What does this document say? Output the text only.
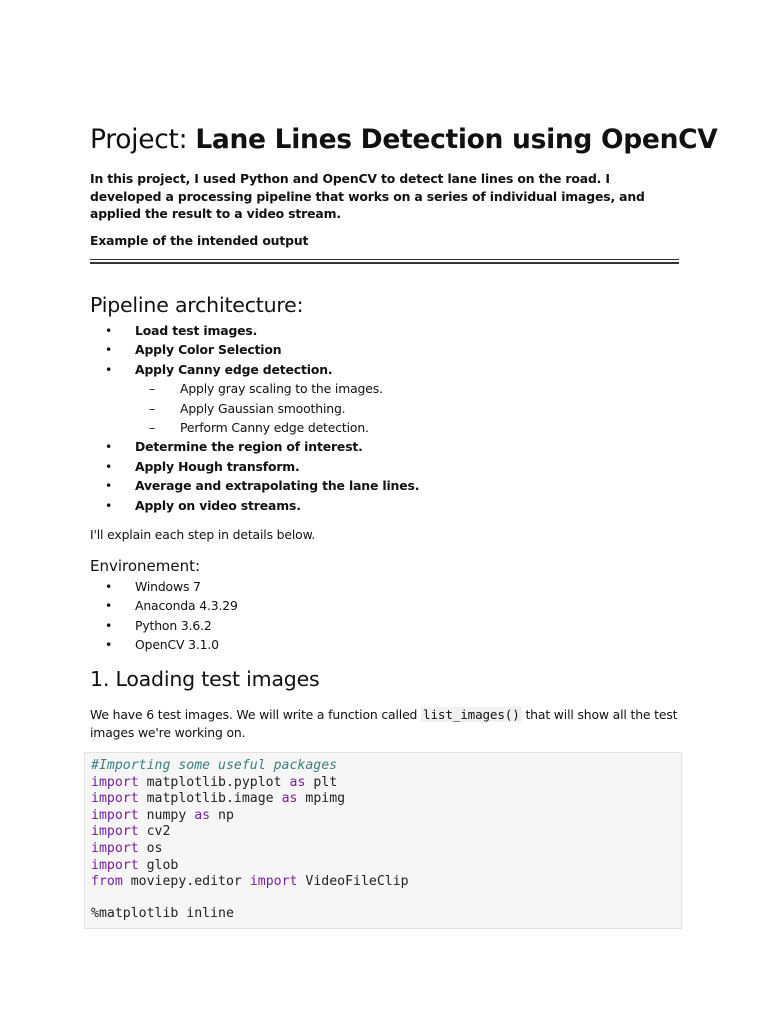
Project: Lane Lines Detection using OpenCV

In this project, I used Python and OpenCV to detect lane lines on the road. I developed a processing pipeline that works on a series of individual images, and applied the result to a video stream.

Example of the intended output

Pipeline architecture:
• Load test images.
• Apply Color Selection
• Apply Canny edge detection.
– Apply gray scaling to the images.
– Apply Gaussian smoothing.
– Perform Canny edge detection.
• Determine the region of interest.
• Apply Hough transform.
• Average and extrapolating the lane lines.
• Apply on video streams.

I'll explain each step in details below.

Environement:
• Windows 7
• Anaconda 4.3.29
• Python 3.6.2
• OpenCV 3.1.0
1. Loading test images

We have 6 test images. We will write a function called list_images() that will show all the test images we're working on.

#Importing some useful packages
import matplotlib.pyplot as plt
import matplotlib.image as mpimg
import numpy as np
import cv2
import os
import glob
from moviepy.editor import VideoFileClip
%matplotlib inline
